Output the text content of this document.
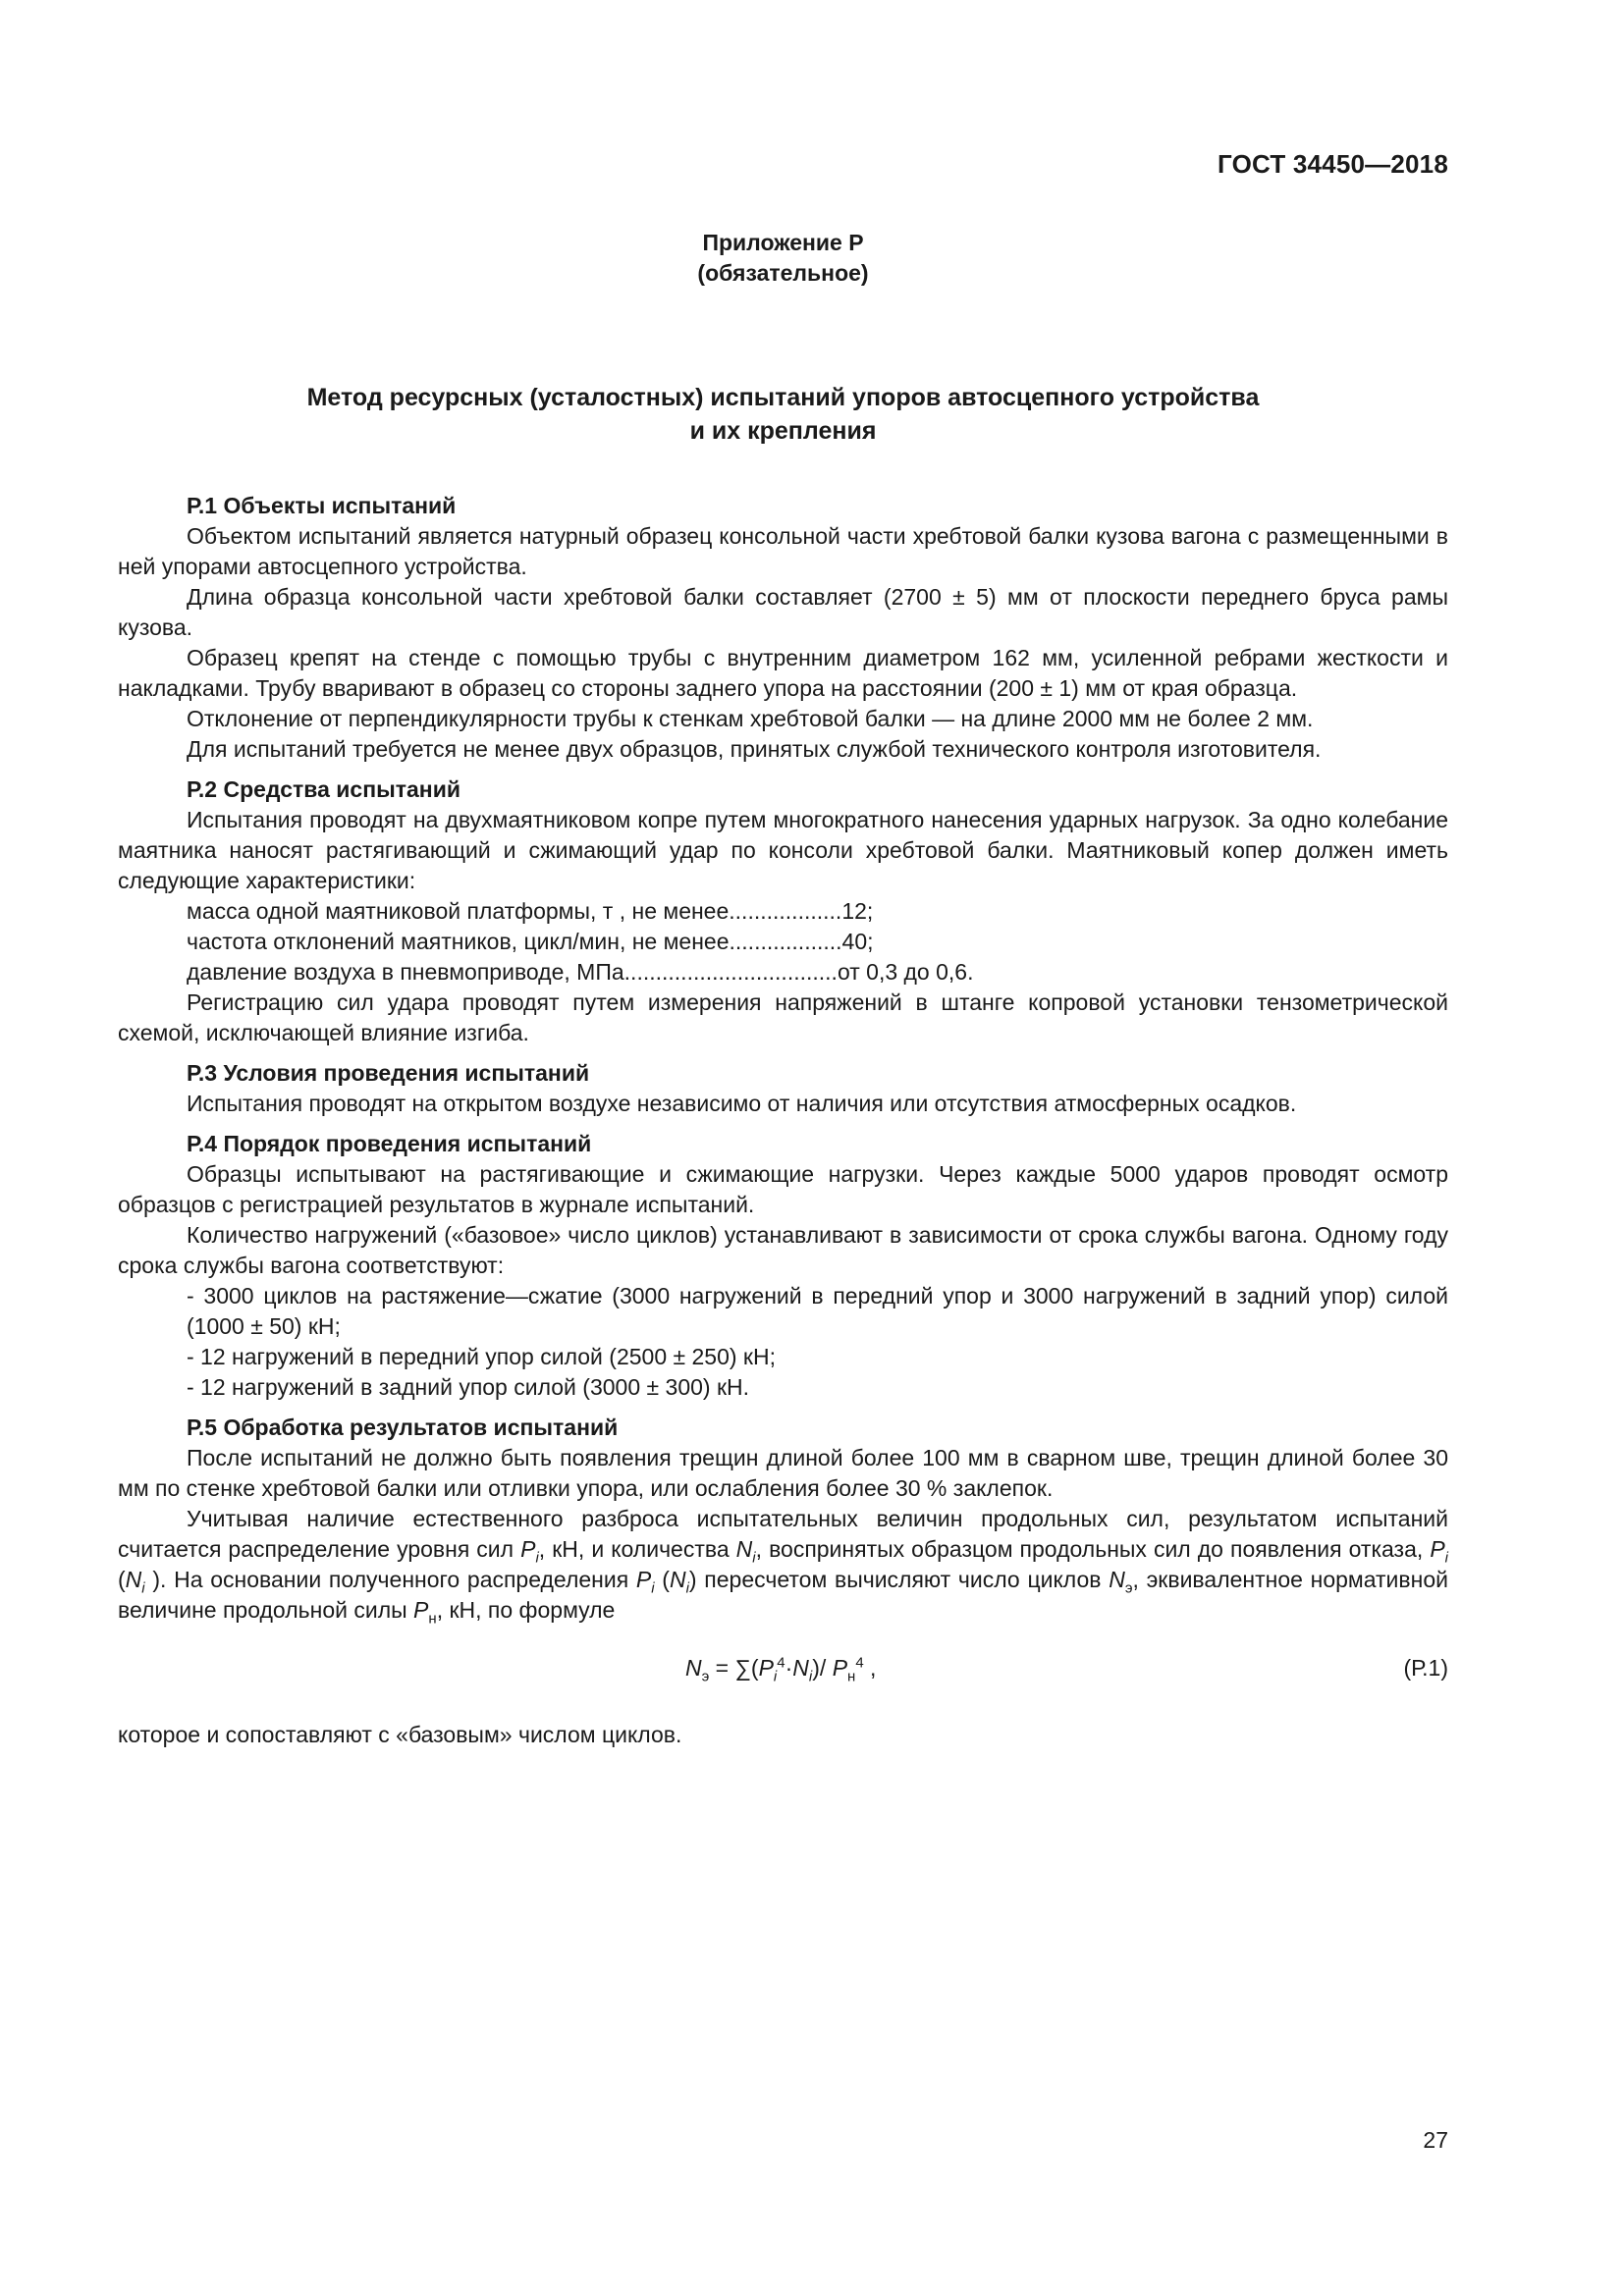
ГОСТ 34450—2018
Приложение Р
(обязательное)
Метод ресурсных (усталостных) испытаний упоров автосцепного устройства
и их крепления
Р.1 Объекты испытаний

Объектом испытаний является натурный образец консольной части хребтовой балки кузова вагона с размещенными в ней упорами автосцепного устройства.

Длина образца консольной части хребтовой балки составляет (2700 ± 5) мм от плоскости переднего бруса рамы кузова.

Образец крепят на стенде с помощью трубы с внутренним диаметром 162 мм, усиленной ребрами жесткости и накладками. Трубу вваривают в образец со стороны заднего упора на расстоянии (200 ± 1) мм от края образца.

Отклонение от перпендикулярности трубы к стенкам хребтовой балки — на длине 2000 мм не более 2 мм.

Для испытаний требуется не менее двух образцов, принятых службой технического контроля изготовителя.

Р.2 Средства испытаний

Испытания проводят на двухмаятниковом копре путем многократного нанесения ударных нагрузок. За одно колебание маятника наносят растягивающий и сжимающий удар по консоли хребтовой балки. Маятниковый копер должен иметь следующие характеристики:

масса одной маятниковой платформы, т , не менее .................. 12;
частота отклонений маятников, цикл/мин, не менее .................. 40;
давление воздуха в пневмоприводе, МПа .................................. от 0,3 до 0,6.

Регистрацию сил удара проводят путем измерения напряжений в штанге копровой установки тензометрической схемой, исключающей влияние изгиба.

Р.3 Условия проведения испытаний

Испытания проводят на открытом воздухе независимо от наличия или отсутствия атмосферных осадков.

Р.4 Порядок проведения испытаний

Образцы испытывают на растягивающие и сжимающие нагрузки. Через каждые 5000 ударов проводят осмотр образцов с регистрацией результатов в журнале испытаний.

Количество нагружений («базовое» число циклов) устанавливают в зависимости от срока службы вагона. Одному году срока службы вагона соответствуют:

- 3000 циклов на растяжение—сжатие (3000 нагружений в передний упор и 3000 нагружений в задний упор) силой (1000 ± 50) кН;
- 12 нагружений в передний упор силой (2500 ± 250) кН;
- 12 нагружений в задний упор силой (3000 ± 300) кН.
Р.5 Обработка результатов испытаний

После испытаний не должно быть появления трещин длиной более 100 мм в сварном шве, трещин длиной более 30 мм по стенке хребтовой балки или отливки упора, или ослабления более 30 % заклепок.

Учитывая наличие естественного разброса испытательных величин продольных сил, результатом испытаний считается распределение уровня сил $P_i$, кН, и количества $N_i$, воспринятых образцом продольных сил до появления отказа, $P_i$ ($N_i$ ). На основании полученного распределения $P_i$ $(N_i)$ пересчетом вычисляют число циклов $N_э$, эквивалентное нормативной величине продольной силы $P_н$, кН, по формуле

$N_э = \sum(P_i^4\cdot N_i)/$ $P_н^4$ ,	(Р.1)

которое и сопоставляют с «базовым» числом циклов.

27
